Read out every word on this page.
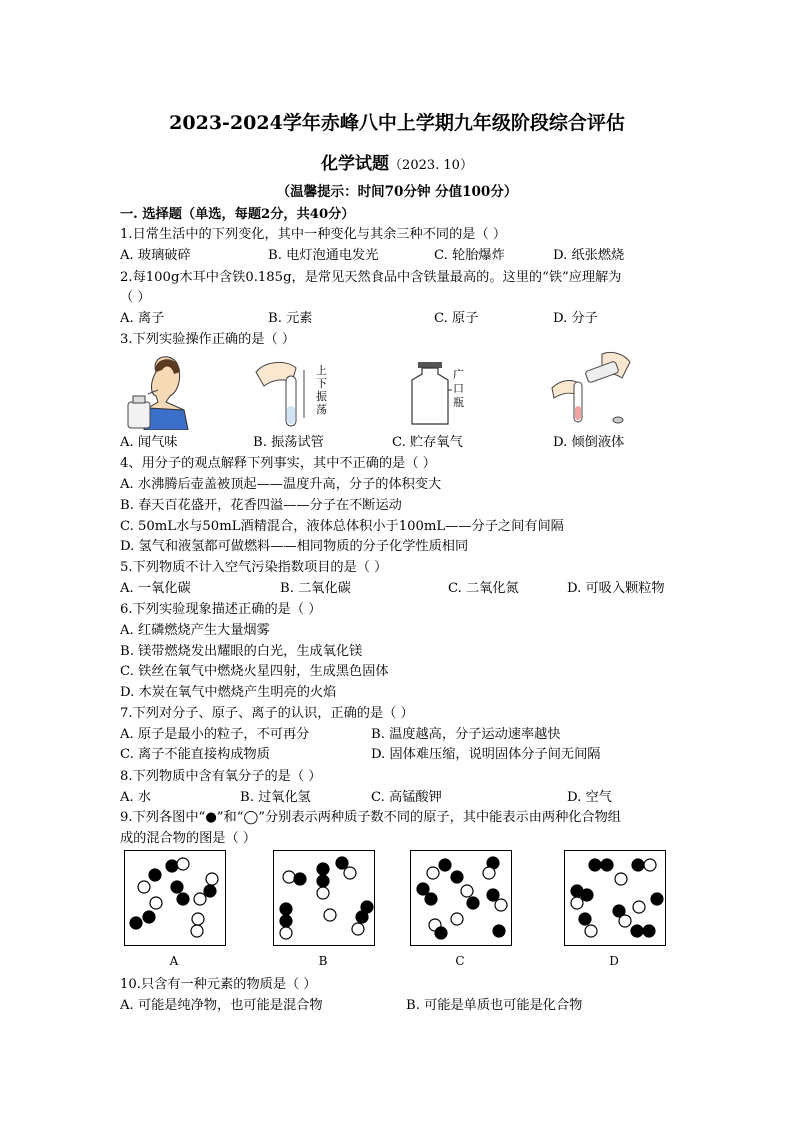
2023-2024学年赤峰八中上学期九年级阶段综合评估
化学试题（2023. 10）
（温馨提示：时间70分钟 分值100分）
一. 选择题（单选，每题2分，共40分）
1.日常生活中的下列变化，其中一种变化与其余三种不同的是（ ）
A. 玻璃破碎	B. 电灯泡通电发光	C. 轮胎爆炸	D. 纸张燃烧
2.每100g木耳中含铁0.185g，是常见天然食品中含铁量最高的。这里的“铁”应理解为
（ ）
A. 离子	B. 元素	C. 原子	D. 分子
3.下列实验操作正确的是（ ）
上
下
振
荡
广
口
瓶
A. 闻气味	B. 振荡试管	C. 贮存氧气	D. 倾倒液体
4、用分子的观点解释下列事实，其中不正确的是（ ）
A. 水沸腾后壶盖被顶起——温度升高，分子的体积变大
B. 春天百花盛开，花香四溢——分子在不断运动
C. 50mL水与50mL酒精混合，液体总体积小于100mL——分子之间有间隔
D. 氢气和液氢都可做燃料——相同物质的分子化学性质相同
5.下列物质不计入空气污染指数项目的是（ ）
A. 一氧化碳	B. 二氧化碳	C. 二氧化氮	D. 可吸入颗粒物
6.下列实验现象描述正确的是（ ）
A. 红磷燃烧产生大量烟雾
B. 镁带燃烧发出耀眼的白光，生成氧化镁
C. 铁丝在氧气中燃烧火星四射，生成黑色固体
D. 木炭在氧气中燃烧产生明亮的火焰
7.下列对分子、原子、离子的认识，正确的是（ ）
A. 原子是最小的粒子，不可再分	B. 温度越高，分子运动速率越快
C. 离子不能直接构成物质	D. 固体难压缩，说明固体分子间无间隔
8.下列物质中含有氧分子的是（ ）
A. 水	B. 过氧化氢	C. 高锰酸钾	D. 空气
9.下列各图中“●”和“◯”分别表示两种质子数不同的原子，其中能表示由两种化合物组
成的混合物的图是（ ）
A	B	C	D
10.只含有一种元素的物质是（ ）
A. 可能是纯净物，也可能是混合物	B. 可能是单质也可能是化合物
